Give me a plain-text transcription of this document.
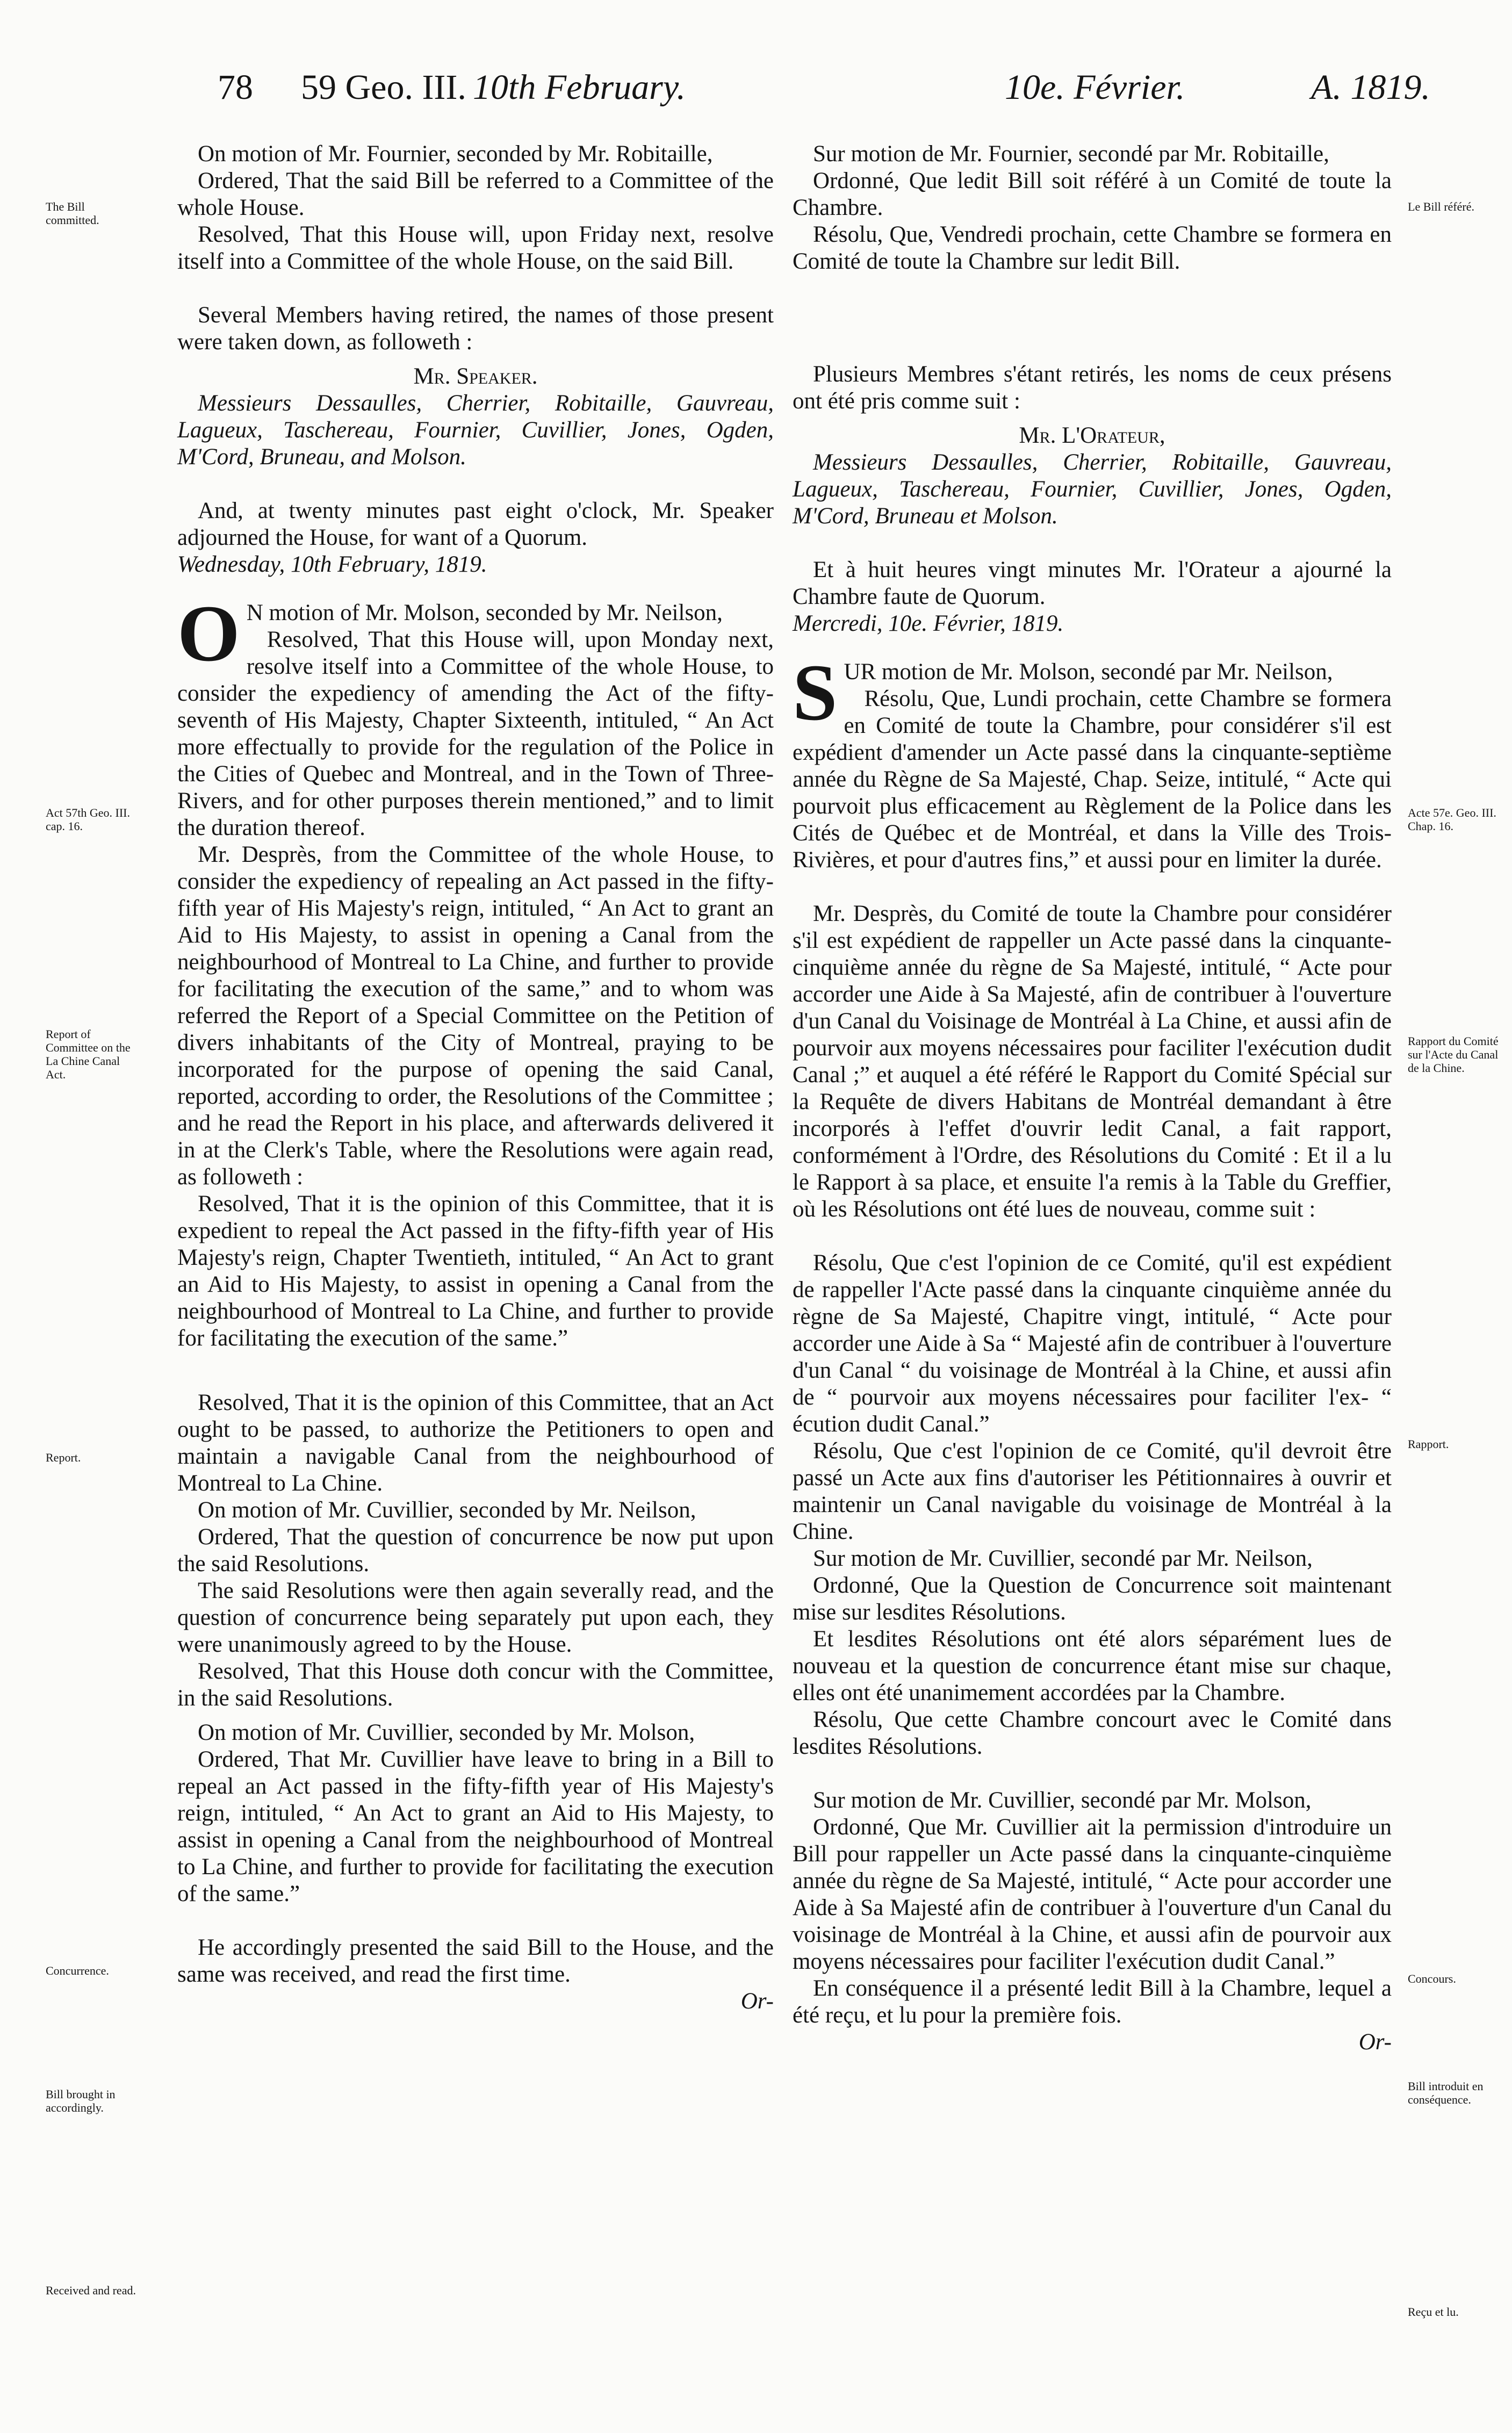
78 59 Geo. III. 10th February.	10e. Février.	A. 1819.
The Bill committed.
Act 57th Geo. III. cap. 16.
Report of Committee on the La Chine Canal Act.
Report.
Concurrence.
Bill brought in accordingly.
Received and read.
Le Bill référé.
Acte 57e. Geo. III. Chap. 16.
Rapport du Comité sur l'Acte du Canal de la Chine.
Rapport.
Concours.
Bill introduit en conséquence.
Reçu et lu.

On motion of Mr. Fournier, seconded by Mr. Robitaille,

Ordered, That the said Bill be referred to a Committee of the whole House.

Resolved, That this House will, upon Friday next, resolve itself into a Committee of the whole House, on the said Bill.

Several Members having retired, the names of those present were taken down, as followeth :

Mr. Speaker.

Messieurs Dessaulles, Cherrier, Robitaille, Gauvreau, Lagueux, Taschereau, Fournier, Cuvillier, Jones, Ogden, M'Cord, Bruneau, and Molson.

And, at twenty minutes past eight o'clock, Mr. Speaker adjourned the House, for want of a Quorum.

Wednesday, 10th February, 1819.

O N motion of Mr. Molson, seconded by Mr. Neilson,

Resolved, That this House will, upon Monday next, resolve itself into a Committee of the whole House, to consider the expediency of amending the Act of the fifty-seventh of His Majesty, Chapter Sixteenth, intituled, “ An Act more effectually to provide for the regulation of the Police in the Cities of Quebec and Montreal, and in the Town of Three-Rivers, and for other purposes therein mentioned,” and to limit the duration thereof.

Mr. Desprès, from the Committee of the whole House, to consider the expediency of repealing an Act passed in the fifty-fifth year of His Majesty's reign, intituled, “ An Act to grant an Aid to His Majesty, to assist in opening a Canal from the neighbourhood of Montreal to La Chine, and further to provide for facilitating the execution of the same,” and to whom was referred the Report of a Special Committee on the Petition of divers inhabitants of the City of Montreal, praying to be incorporated for the purpose of opening the said Canal, reported, according to order, the Resolutions of the Committee ; and he read the Report in his place, and afterwards delivered it in at the Clerk's Table, where the Resolutions were again read, as followeth :

Resolved, That it is the opinion of this Committee, that it is expedient to repeal the Act passed in the fifty-fifth year of His Majesty's reign, Chapter Twentieth, intituled, “ An Act to grant an Aid to His Majesty, to assist in opening a Canal from the neighbourhood of Montreal to La Chine, and further to provide for facilitating the execution of the same.”

Resolved, That it is the opinion of this Committee, that an Act ought to be passed, to authorize the Petitioners to open and maintain a navigable Canal from the neighbourhood of Montreal to La Chine.

On motion of Mr. Cuvillier, seconded by Mr. Neilson,

Ordered, That the question of concurrence be now put upon the said Resolutions.

The said Resolutions were then again severally read, and the question of concurrence being separately put upon each, they were unanimously agreed to by the House.

Resolved, That this House doth concur with the Committee, in the said Resolutions.

On motion of Mr. Cuvillier, seconded by Mr. Molson,

Ordered, That Mr. Cuvillier have leave to bring in a Bill to repeal an Act passed in the fifty-fifth year of His Majesty's reign, intituled, “ An Act to grant an Aid to His Majesty, to assist in opening a Canal from the neighbourhood of Montreal to La Chine, and further to provide for facilitating the execution of the same.”

He accordingly presented the said Bill to the House, and the same was received, and read the first time.

Or-

Sur motion de Mr. Fournier, secondé par Mr. Robitaille,

Ordonné, Que ledit Bill soit référé à un Comité de toute la Chambre.

Résolu, Que, Vendredi prochain, cette Chambre se formera en Comité de toute la Chambre sur ledit Bill.

Plusieurs Membres s'étant retirés, les noms de ceux présens ont été pris comme suit :

Mr. L'Orateur,

Messieurs Dessaulles, Cherrier, Robitaille, Gauvreau, Lagueux, Taschereau, Fournier, Cuvillier, Jones, Ogden, M'Cord, Bruneau et Molson.

Et à huit heures vingt minutes Mr. l'Orateur a ajourné la Chambre faute de Quorum.

Mercredi, 10e. Février, 1819.

SUR motion de Mr. Molson, secondé par Mr. Neilson,

Résolu, Que, Lundi prochain, cette Chambre se formera en Comité de toute la Chambre, pour considérer s'il est expédient d'amender un Acte passé dans la cinquante-septième année du Règne de Sa Majesté, Chap. Seize, intitulé, “ Acte qui pourvoit plus efficacement au Règlement de la Police dans les Cités de Québec et de Montréal, et dans la Ville des Trois-Rivières, et pour d'autres fins,” et aussi pour en limiter la durée.

Mr. Desprès, du Comité de toute la Chambre pour considérer s'il est expédient de rappeller un Acte passé dans la cinquante-cinquième année du règne de Sa Majesté, intitulé, “ Acte pour accorder une Aide à Sa Majesté, afin de contribuer à l'ouverture d'un Canal du Voisinage de Montréal à La Chine, et aussi afin de pourvoir aux moyens nécessaires pour faciliter l'exécution dudit Canal ;” et auquel a été référé le Rapport du Comité Spécial sur la Requête de divers Habitans de Montréal demandant à être incorporés à l'effet d'ouvrir ledit Canal, a fait rapport, conformément à l'Ordre, des Résolutions du Comité : Et il a lu le Rapport à sa place, et ensuite l'a remis à la Table du Greffier, où les Résolutions ont été lues de nouveau, comme suit :

Résolu, Que c'est l'opinion de ce Comité, qu'il est expédient de rappeller l'Acte passé dans la cinquante cinquième année du règne de Sa Majesté, Chapitre vingt, intitulé, “ Acte pour accorder une Aide à Sa “ Majesté afin de contribuer à l'ouverture d'un Canal “ du voisinage de Montréal à la Chine, et aussi afin de “ pourvoir aux moyens nécessaires pour faciliter l'ex- “ écution dudit Canal.”

Résolu, Que c'est l'opinion de ce Comité, qu'il devroit être passé un Acte aux fins d'autoriser les Pétitionnaires à ouvrir et maintenir un Canal navigable du voisinage de Montréal à la Chine.

Sur motion de Mr. Cuvillier, secondé par Mr. Neilson,

Ordonné, Que la Question de Concurrence soit maintenant mise sur lesdites Résolutions.

Et lesdites Résolutions ont été alors séparément lues de nouveau et la question de concurrence étant mise sur chaque, elles ont été unanimement accordées par la Chambre.

Résolu, Que cette Chambre concourt avec le Comité dans lesdites Résolutions.

Sur motion de Mr. Cuvillier, secondé par Mr. Molson,

Ordonné, Que Mr. Cuvillier ait la permission d'introduire un Bill pour rappeller un Acte passé dans la cinquante-cinquième année du règne de Sa Majesté, intitulé, “ Acte pour accorder une Aide à Sa Majesté afin de contribuer à l'ouverture d'un Canal du voisinage de Montréal à la Chine, et aussi afin de pourvoir aux moyens nécessaires pour faciliter l'exécution dudit Canal.”

En conséquence il a présenté ledit Bill à la Chambre, lequel a été reçu, et lu pour la première fois.

Or-
